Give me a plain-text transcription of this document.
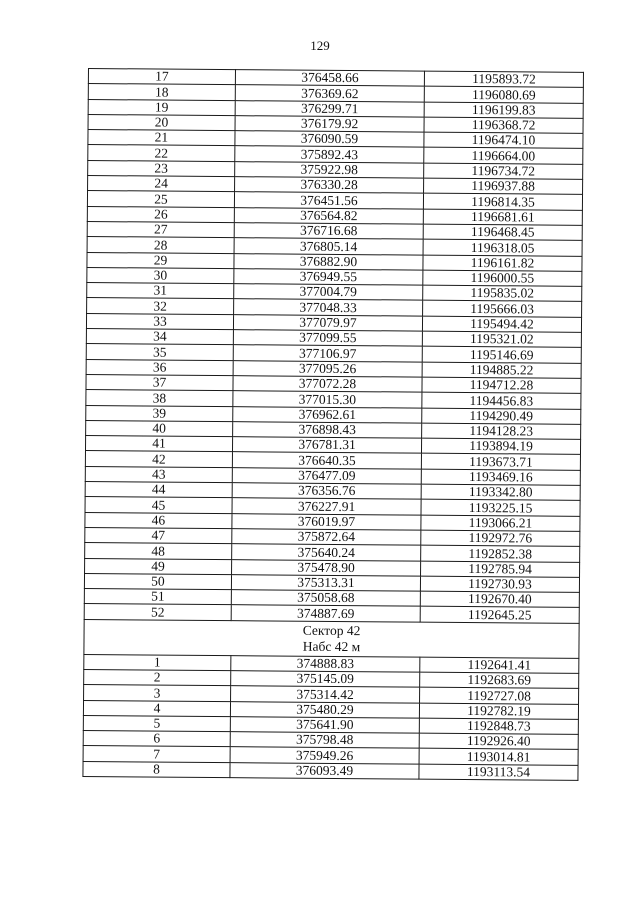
129
17	376458.66	1195893.72
18	376369.62	1196080.69
19	376299.71	1196199.83
20	376179.92	1196368.72
21	376090.59	1196474.10
22	375892.43	1196664.00
23	375922.98	1196734.72
24	376330.28	1196937.88
25	376451.56	1196814.35
26	376564.82	1196681.61
27	376716.68	1196468.45
28	376805.14	1196318.05
29	376882.90	1196161.82
30	376949.55	1196000.55
31	377004.79	1195835.02
32	377048.33	1195666.03
33	377079.97	1195494.42
34	377099.55	1195321.02
35	377106.97	1195146.69
36	377095.26	1194885.22
37	377072.28	1194712.28
38	377015.30	1194456.83
39	376962.61	1194290.49
40	376898.43	1194128.23
41	376781.31	1193894.19
42	376640.35	1193673.71
43	376477.09	1193469.16
44	376356.76	1193342.80
45	376227.91	1193225.15
46	376019.97	1193066.21
47	375872.64	1192972.76
48	375640.24	1192852.38
49	375478.90	1192785.94
50	375313.31	1192730.93
51	375058.68	1192670.40
52	374887.69	1192645.25

Сектор 42
Набс 42 м		

1	374888.83	1192641.41
2	375145.09	1192683.69
3	375314.42	1192727.08
4	375480.29	1192782.19
5	375641.90	1192848.73
6	375798.48	1192926.40
7	375949.26	1193014.81
8	376093.49	1193113.54
